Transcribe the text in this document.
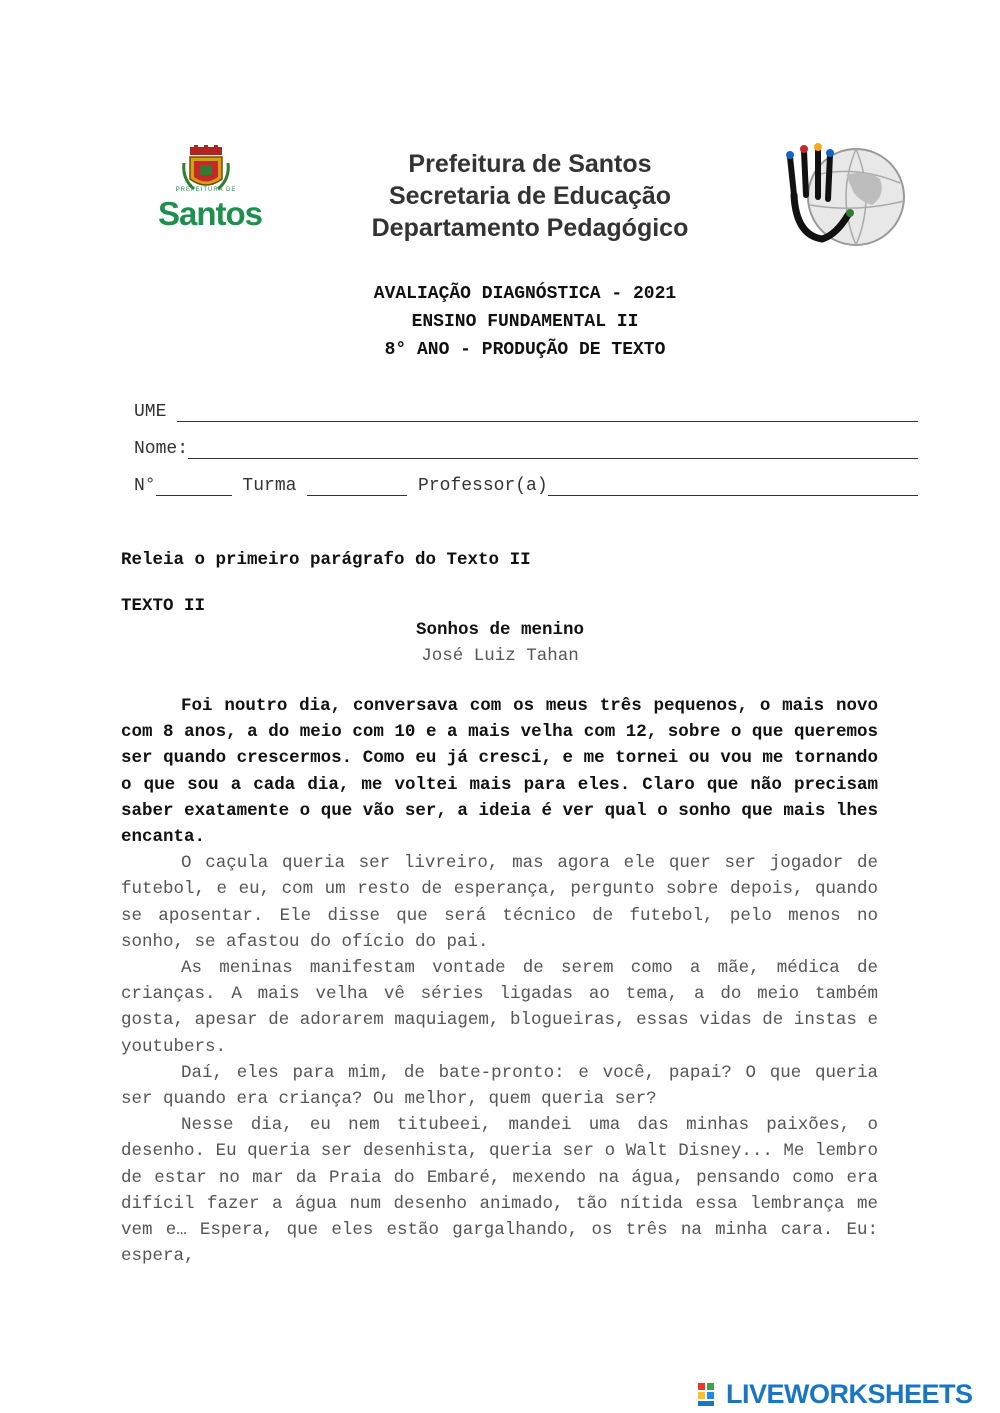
PREFEITURA DE
Santos
Prefeitura de Santos
Secretaria de Educação
Departamento Pedagógico
AVALIAÇÃO DIAGNÓSTICA - 2021
ENSINO FUNDAMENTAL II
8° ANO - PRODUÇÃO DE TEXTO
UME
Nome:
N°	Turma	Professor(a)
Releia o primeiro parágrafo do Texto II
TEXTO II
Sonhos de menino
José Luiz Tahan

Foi noutro dia, conversava com os meus três pequenos, o mais novo com 8 anos, a do meio com 10 e a mais velha com 12, sobre o que queremos ser quando crescermos. Como eu já cresci, e me tornei ou vou me tornando o que sou a cada dia, me voltei mais para eles. Claro que não precisam saber exatamente o que vão ser, a ideia é ver qual o sonho que mais lhes encanta.

O caçula queria ser livreiro, mas agora ele quer ser jogador de futebol, e eu, com um resto de esperança, pergunto sobre depois, quando se aposentar. Ele disse que será técnico de futebol, pelo menos no sonho, se afastou do ofício do pai.

As meninas manifestam vontade de serem como a mãe, médica de crianças. A mais velha vê séries ligadas ao tema, a do meio também gosta, apesar de adorarem maquiagem, blogueiras, essas vidas de instas e youtubers.

Daí, eles para mim, de bate-pronto: e você, papai? O que queria ser quando era criança? Ou melhor, quem queria ser?

Nesse dia, eu nem titubeei, mandei uma das minhas paixões, o desenho. Eu queria ser desenhista, queria ser o Walt Disney... Me lembro de estar no mar da Praia do Embaré, mexendo na água, pensando como era difícil fazer a água num desenho animado, tão nítida essa lembrança me vem e… Espera, que eles estão gargalhando, os três na minha cara. Eu: espera,

LIVEWORKSHEETS
